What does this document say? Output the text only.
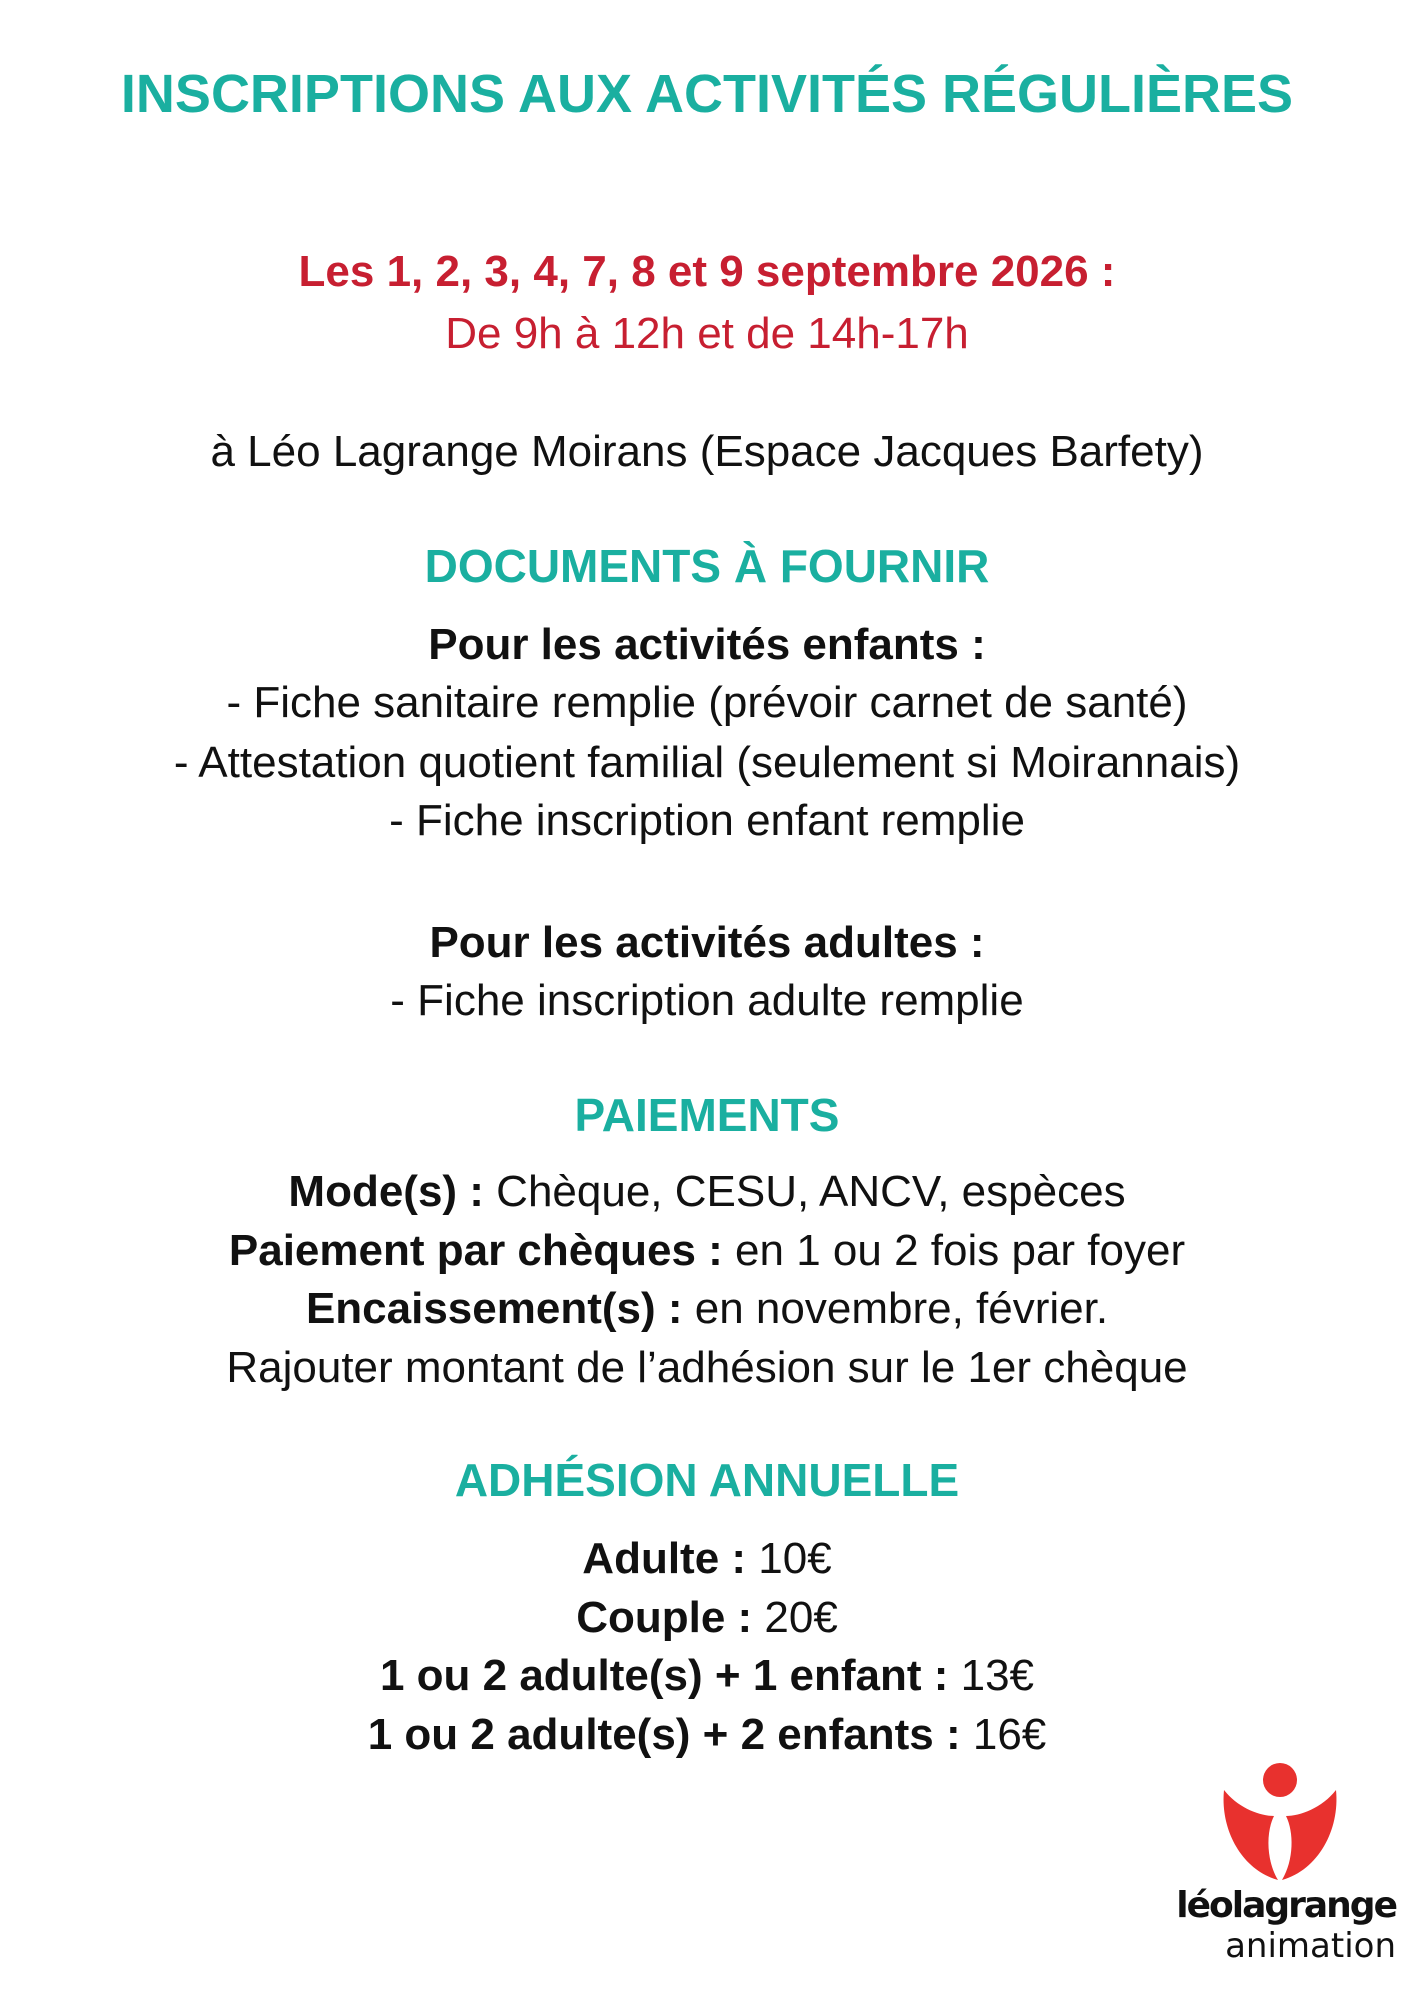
INSCRIPTIONS AUX ACTIVITÉS RÉGULIÈRES
Les 1, 2, 3, 4, 7, 8 et 9 septembre 2026 :
De 9h à 12h et de 14h-17h
à Léo Lagrange Moirans (Espace Jacques Barfety)
DOCUMENTS À FOURNIR
Pour les activités enfants :
- Fiche sanitaire remplie (prévoir carnet de santé)
- Attestation quotient familial (seulement si Moirannais)
- Fiche inscription enfant remplie
Pour les activités adultes :
- Fiche inscription adulte remplie
PAIEMENTS
Mode(s) : Chèque, CESU, ANCV, espèces
Paiement par chèques : en 1 ou 2 fois par foyer
Encaissement(s) : en novembre, février.
Rajouter montant de l’adhésion sur le 1er chèque
ADHÉSION ANNUELLE
Adulte : 10€
Couple : 20€
1 ou 2 adulte(s) + 1 enfant : 13€
1 ou 2 adulte(s) + 2 enfants : 16€
léolagrange
animation
